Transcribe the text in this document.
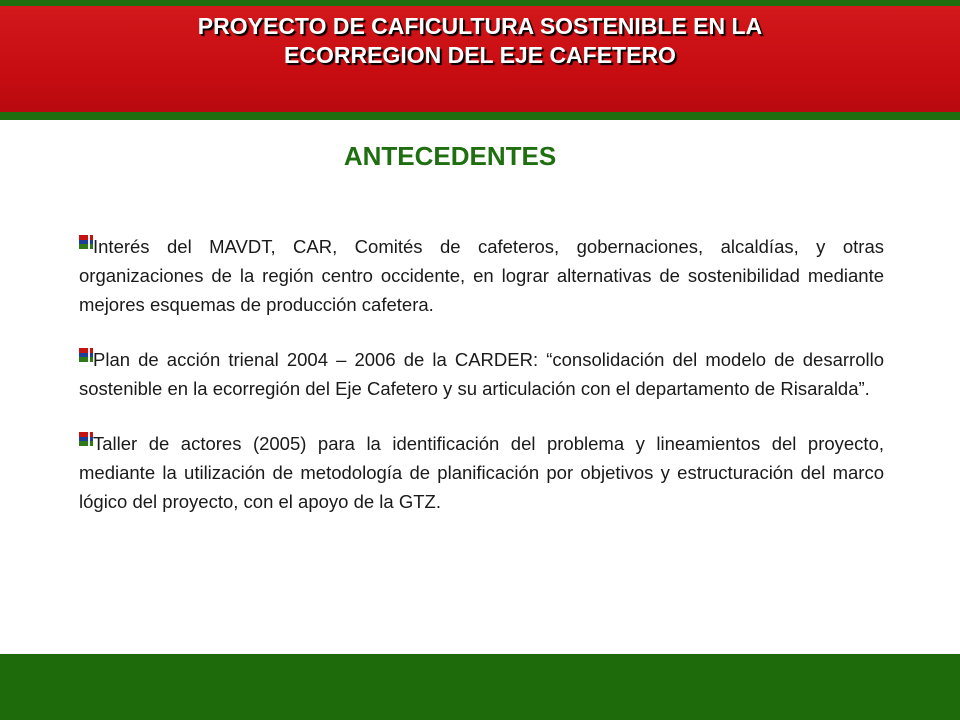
PROYECTO DE CAFICULTURA SOSTENIBLE EN LA
ECORREGION DEL EJE CAFETERO
ANTECEDENTES

Interés del MAVDT, CAR, Comités de cafeteros, gobernaciones, alcaldías, y otras organizaciones de la región centro occidente, en lograr alternativas de sostenibilidad mediante mejores esquemas de producción cafetera.

Plan de acción trienal 2004 – 2006 de la CARDER: “consolidación del modelo de desarrollo sostenible en la ecorregión del Eje Cafetero y su articulación con el departamento de Risaralda”.

Taller de actores (2005) para la identificación del problema y lineamientos del proyecto, mediante la utilización de metodología de planificación por objetivos y estructuración del marco lógico del proyecto, con el apoyo de la GTZ.
